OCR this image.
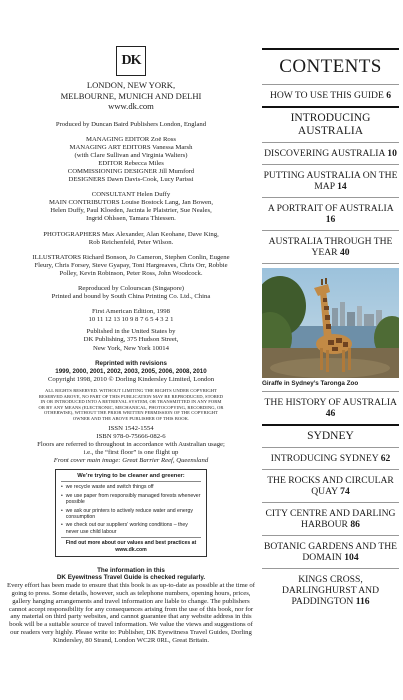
DK
LONDON, NEW YORK,
MELBOURNE, MUNICH AND DELHI
www.dk.com
Produced by Duncan Baird Publishers London, England
MANAGING EDITOR Zoë Ross
MANAGING ART EDITORS Vanessa Marsh
(with Clare Sullivan and Virginia Walters)
EDITOR Rebecca Miles
COMMISSIONING DESIGNER Jill Mumford
DESIGNERS Dawn Davis-Cook, Lucy Parissi
CONSULTANT Helen Duffy
MAIN CONTRIBUTORS Louise Bostock Lang, Jan Bowen,
Helen Duffy, Paul Kloeden, Jacinta le Plaistrier, Sue Neales,
Ingrid Ohlssen, Tamara Thiessen.
PHOTOGRAPHERS Max Alexander, Alan Keohane, Dave King,
Rob Reichenfeld, Peter Wilson.
ILLUSTRATORS Richard Bonson, Jo Cameron, Stephen Conlin, Eugene
Fleury, Chris Forsey, Steve Gyapay, Toni Hargreaves, Chris Orr, Robbie
Polley, Kevin Robinson, Peter Ross, John Woodcock.
Reproduced by Colourscan (Singapore)
Printed and bound by South China Printing Co. Ltd., China
First American Edition, 1998
10 11 12 13 10 9 8 7 6 5 4 3 2 1
Published in the United States by
DK Publishing, 375 Hudson Street,
New York, New York 10014
Reprinted with revisions
1999, 2000, 2001, 2002, 2003, 2005, 2006, 2008, 2010
Copyright 1998, 2010 © Dorling Kindersley Limited, London
ALL RIGHTS RESERVED. WITHOUT LIMITING THE RIGHTS UNDER COPYRIGHT
RESERVED ABOVE, NO PART OF THIS PUBLICATION MAY BE REPRODUCED, STORED
IN OR INTRODUCED INTO A RETRIEVAL SYSTEM, OR TRANSMITTED IN ANY FORM
OR BY ANY MEANS (ELECTRONIC, MECHANICAL, PHOTOCOPYING, RECORDING, OR
OTHERWISE), WITHOUT THE PRIOR WRITTEN PERMISSION OF THE COPYRIGHT
OWNER AND THE ABOVE PUBLISHER OF THIS BOOK.
ISSN 1542-1554
ISBN 978-0-75666-082-6
Floors are referred to throughout in accordance with Australian usage;
i.e., the “first floor” is one flight up
Front cover main image: Great Barrier Reef, Queensland
We’re trying to be cleaner and greener:
• we recycle waste and switch things off
• we use paper from responsibly managed forests whenever possible
• we ask our printers to actively reduce water and energy consumption
• we check out our suppliers’ working conditions – they never use child labour
Find out more about our values and best practices at www.dk.com
The information in this
DK Eyewitness Travel Guide is checked regularly.
Every effort has been made to ensure that this book is as up-to-date as possible at the time of going to press. Some details, however, such as telephone numbers, opening hours, prices, gallery hanging arrangements and travel information are liable to change. The publishers cannot accept responsibility for any consequences arising from the use of this book, nor for any material on third party websites, and cannot guarantee that any website address in this book will be a suitable source of travel information. We value the views and suggestions of our readers very highly. Please write to: Publisher, DK Eyewitness Travel Guides, Dorling Kindersley, 80 Strand, London WC2R 0RL, Great Britain.
CONTENTS
HOW TO USE THIS GUIDE 6
INTRODUCING AUSTRALIA
DISCOVERING AUSTRALIA 10
PUTTING AUSTRALIA ON THE MAP 14
A PORTRAIT OF AUSTRALIA 16
AUSTRALIA THROUGH THE YEAR 40
Giraffe in Sydney’s Taronga Zoo
THE HISTORY OF AUSTRALIA 46
SYDNEY
INTRODUCING SYDNEY 62
THE ROCKS AND CIRCULAR QUAY 74
CITY CENTRE AND DARLING HARBOUR 86
BOTANIC GARDENS AND THE DOMAIN 104
KINGS CROSS, DARLINGHURST AND PADDINGTON 116
